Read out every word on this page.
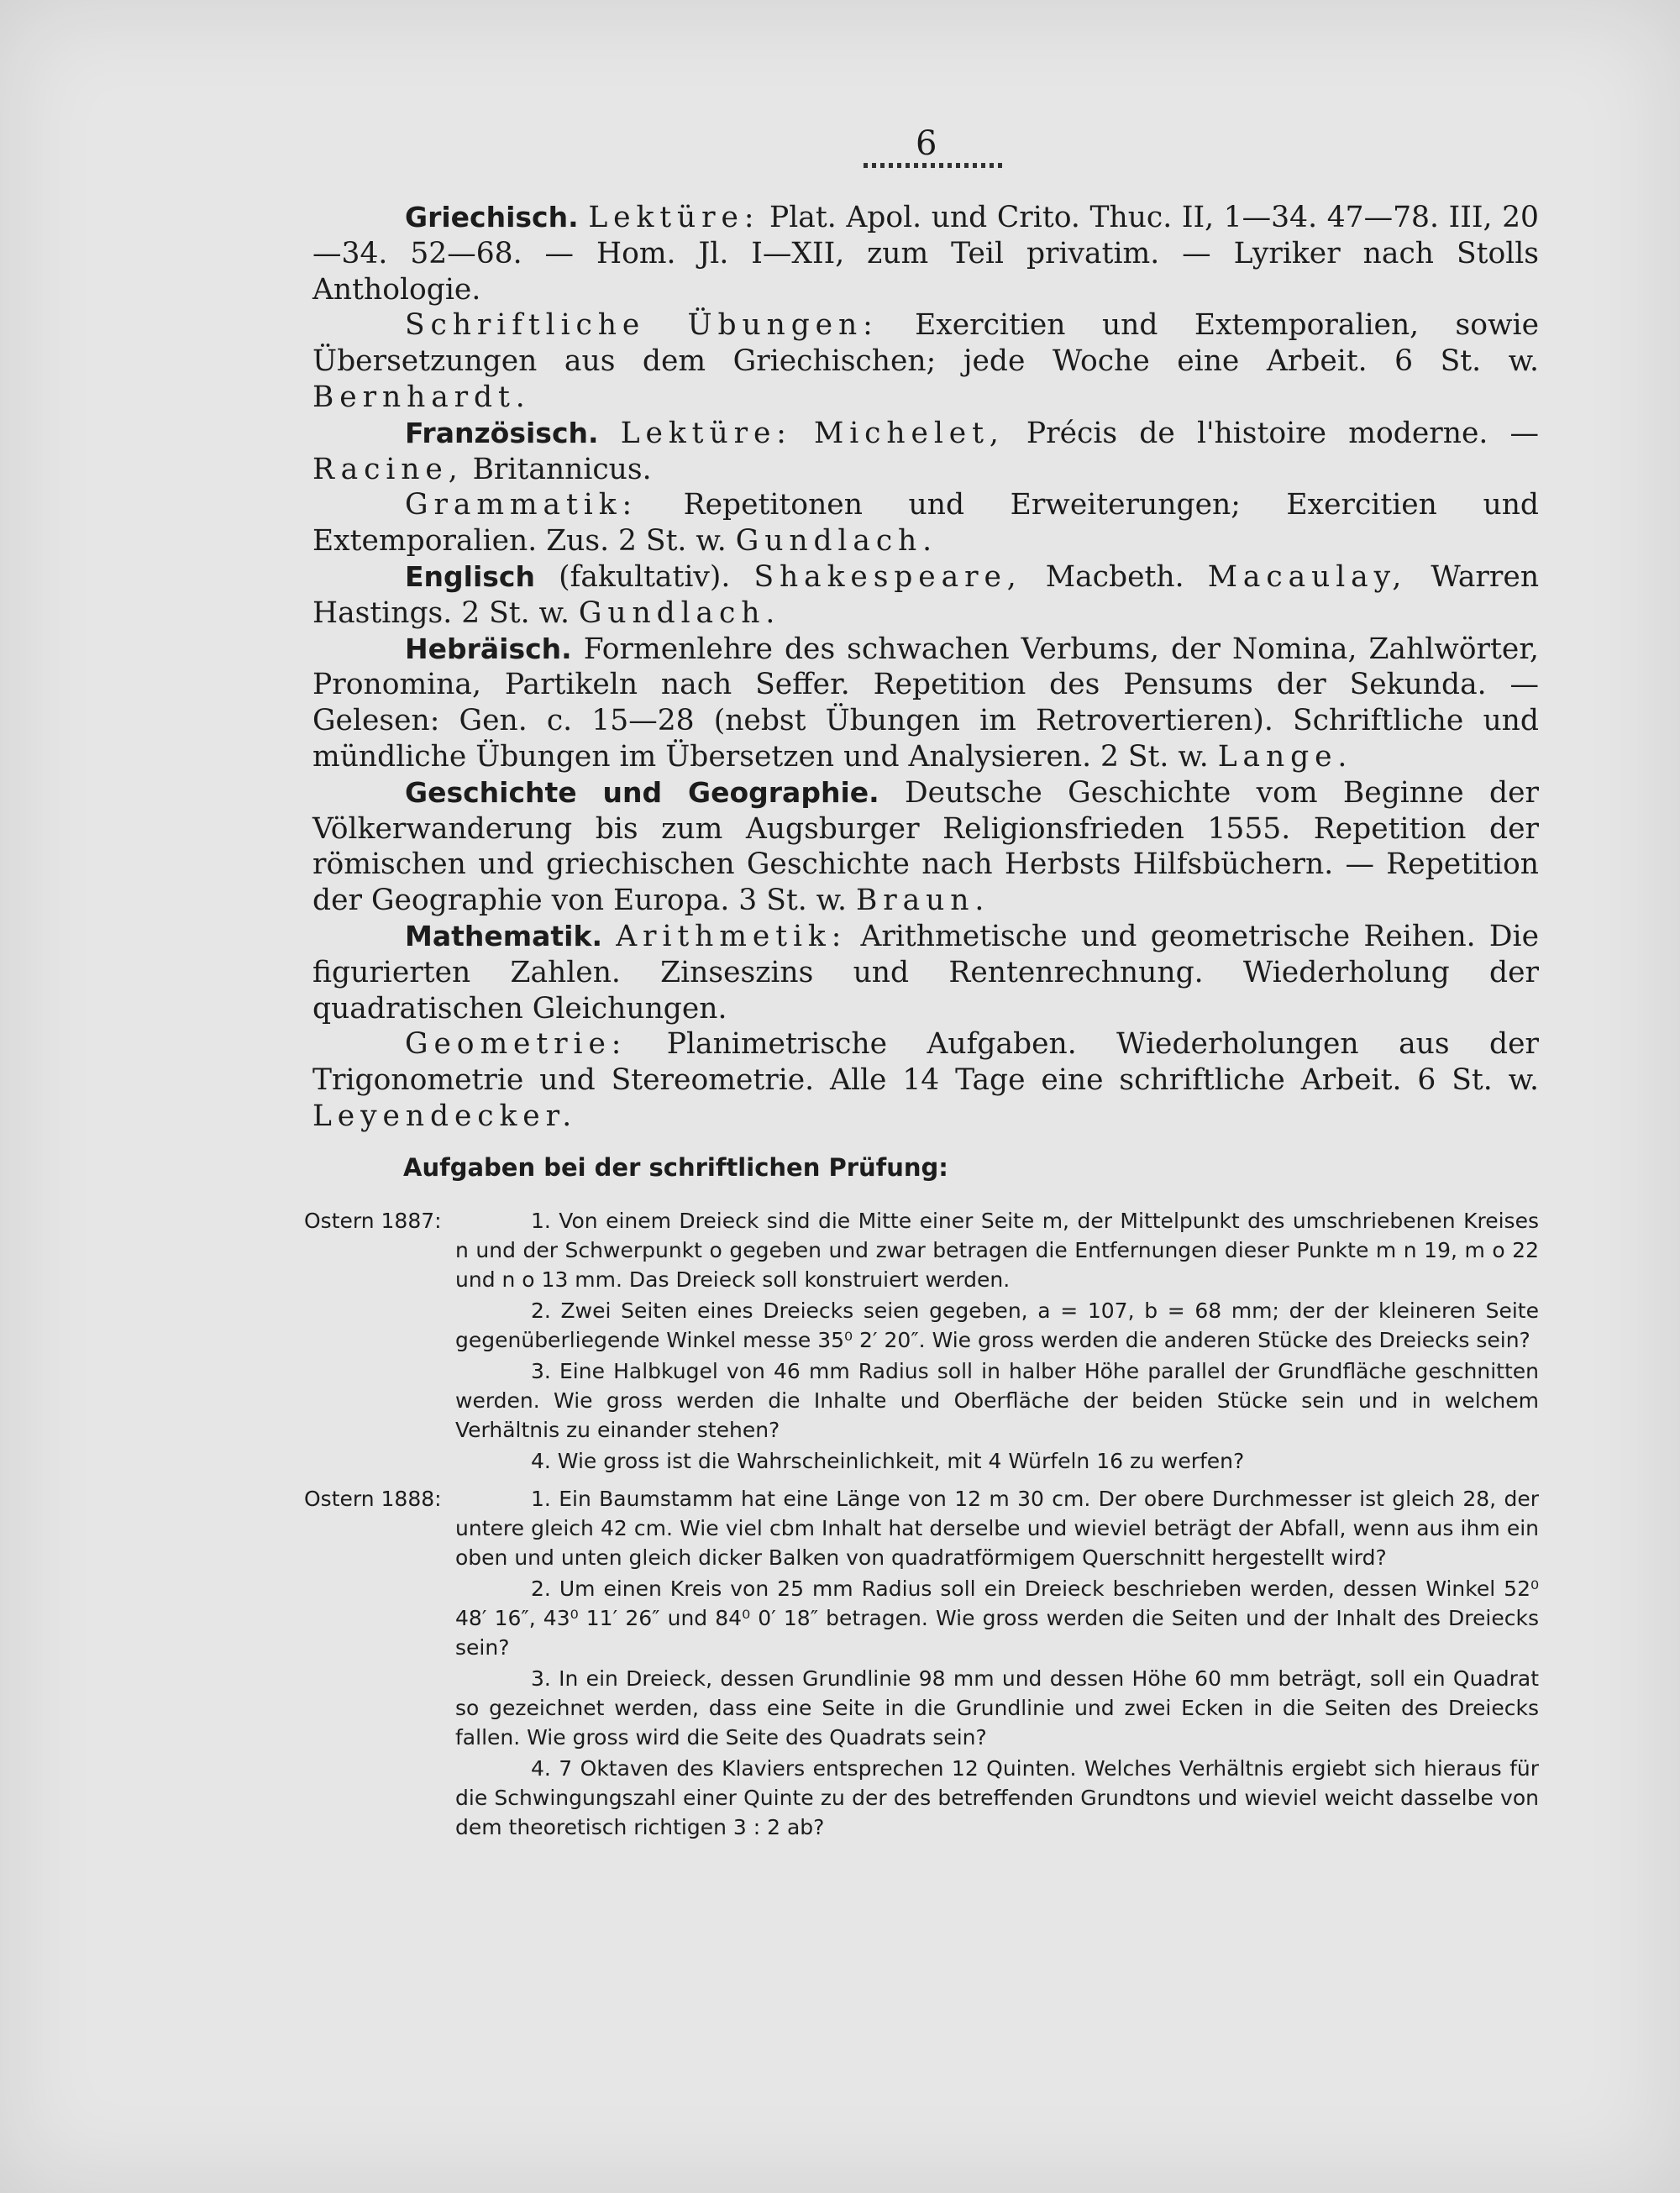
6

Griechisch. Lektüre: Plat. Apol. und Crito. Thuc. II, 1—34. 47—78. III, 20—34. 52—68. — Hom. Jl. I—XII, zum Teil privatim. — Lyriker nach Stolls Anthologie.

Schriftliche Übungen: Exercitien und Extemporalien, sowie Übersetzungen aus dem Griechischen; jede Woche eine Arbeit. 6 St. w. Bernhardt.

Französisch. Lektüre: Michelet, Précis de l'histoire moderne. — Racine, Britannicus.

Grammatik: Repetitonen und Erweiterungen; Exercitien und Extemporalien. Zus. 2 St. w. Gundlach.

Englisch (fakultativ). Shakespeare, Macbeth. Macaulay, Warren Hastings. 2 St. w. Gundlach.

Hebräisch. Formenlehre des schwachen Verbums, der Nomina, Zahlwörter, Pronomina, Partikeln nach Seffer. Repetition des Pensums der Sekunda. — Gelesen: Gen. c. 15—28 (nebst Übungen im Retrovertieren). Schriftliche und mündliche Übungen im Übersetzen und Analysieren. 2 St. w. Lange.

Geschichte und Geographie. Deutsche Geschichte vom Beginne der Völkerwanderung bis zum Augsburger Religionsfrieden 1555. Repetition der römischen und griechischen Geschichte nach Herbsts Hilfsbüchern. — Repetition der Geographie von Europa. 3 St. w. Braun.

Mathematik. Arithmetik: Arithmetische und geometrische Reihen. Die figurierten Zahlen. Zinseszins und Rentenrechnung. Wiederholung der quadratischen Gleichungen.

Geometrie: Planimetrische Aufgaben. Wiederholungen aus der Trigonometrie und Stereometrie. Alle 14 Tage eine schriftliche Arbeit. 6 St. w. Leyendecker.

Aufgaben bei der schriftlichen Prüfung:
Ostern 1887:	1. Von einem Dreieck sind die Mitte einer Seite m, der Mittelpunkt des umschriebenen Kreises n und der Schwerpunkt o gegeben und zwar betragen die Entfernungen dieser Punkte m n 19, m o 22 und n o 13 mm. Das Dreieck soll konstruiert werden.

2. Zwei Seiten eines Dreiecks seien gegeben, a = 107, b = 68 mm; der der kleineren Seite gegenüberliegende Winkel messe 35⁰ 2′ 20″. Wie gross werden die anderen Stücke des Dreiecks sein?

3. Eine Halbkugel von 46 mm Radius soll in halber Höhe parallel der Grundfläche geschnitten werden. Wie gross werden die Inhalte und Oberfläche der beiden Stücke sein und in welchem Verhältnis zu einander stehen?

4. Wie gross ist die Wahrscheinlichkeit, mit 4 Würfeln 16 zu werfen?

Ostern 1888:	1. Ein Baumstamm hat eine Länge von 12 m 30 cm. Der obere Durchmesser ist gleich 28, der untere gleich 42 cm. Wie viel cbm Inhalt hat derselbe und wieviel beträgt der Abfall, wenn aus ihm ein oben und unten gleich dicker Balken von quadratförmigem Querschnitt hergestellt wird?

2. Um einen Kreis von 25 mm Radius soll ein Dreieck beschrieben werden, dessen Winkel 52⁰ 48′ 16″, 43⁰ 11′ 26″ und 84⁰ 0′ 18″ betragen. Wie gross werden die Seiten und der Inhalt des Dreiecks sein?

3. In ein Dreieck, dessen Grundlinie 98 mm und dessen Höhe 60 mm beträgt, soll ein Quadrat so gezeichnet werden, dass eine Seite in die Grundlinie und zwei Ecken in die Seiten des Dreiecks fallen. Wie gross wird die Seite des Quadrats sein?

4. 7 Oktaven des Klaviers entsprechen 12 Quinten. Welches Verhältnis ergiebt sich hieraus für die Schwingungszahl einer Quinte zu der des betreffenden Grundtons und wieviel weicht dasselbe von dem theoretisch richtigen 3 : 2 ab?
